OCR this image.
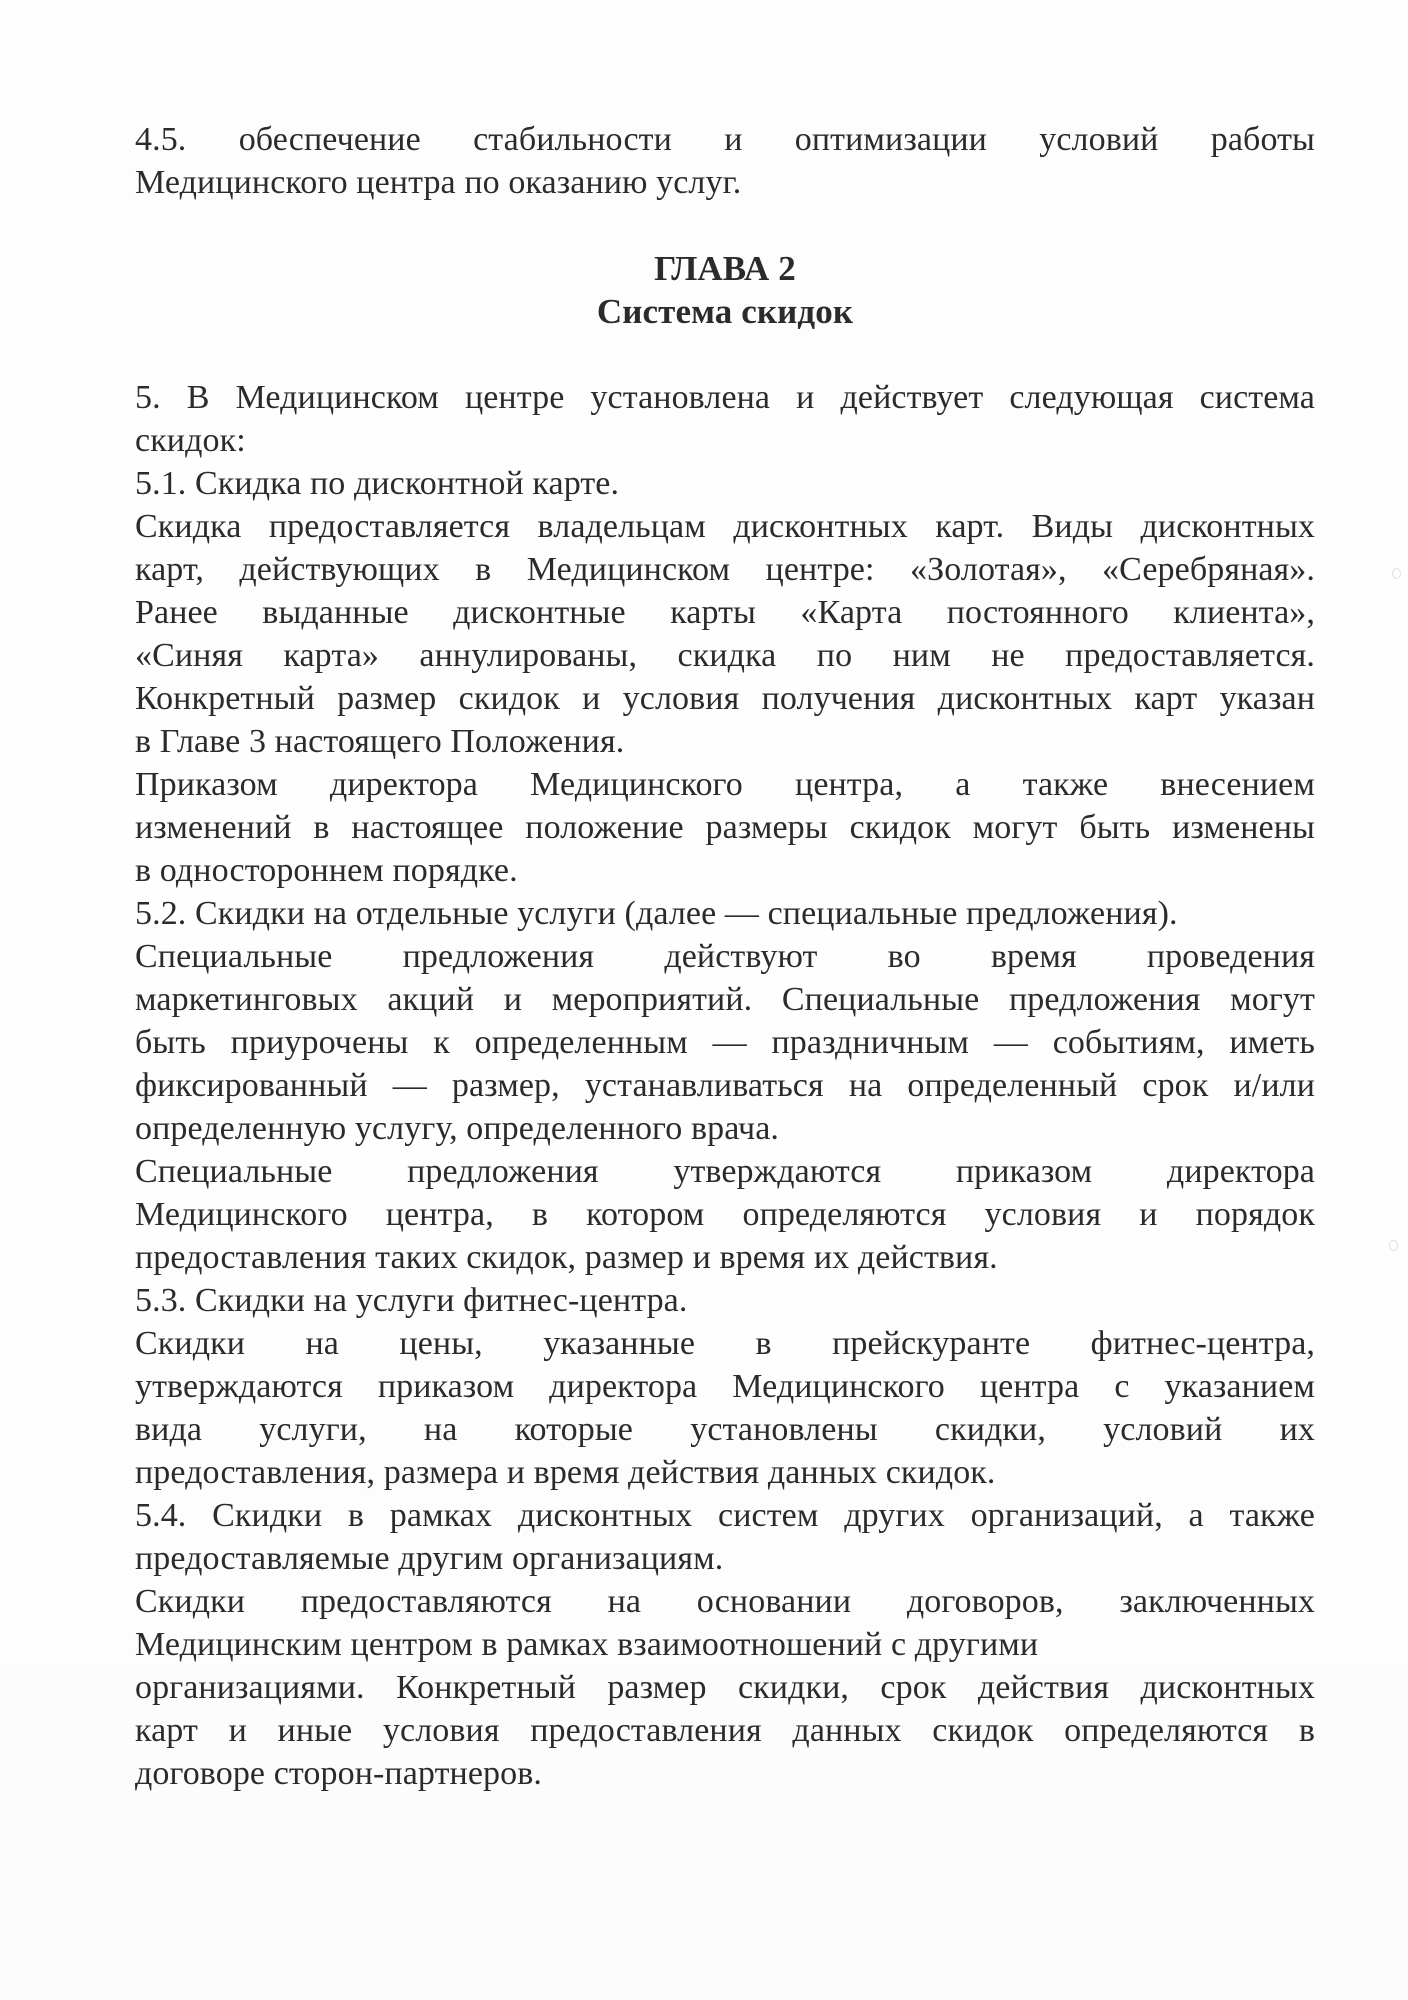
4.5. обеспечение стабильности и оптимизации условий работы
Медицинского центра по оказанию услуг.
ГЛАВА 2
Система скидок
5. В Медицинском центре установлена и действует следующая система
скидок:
5.1. Скидка по дисконтной карте.
Скидка предоставляется владельцам дисконтных карт. Виды дисконтных
карт, действующих в Медицинском центре: «Золотая», «Серебряная».
Ранее выданные дисконтные карты «Карта постоянного клиента»,
«Синяя карта» аннулированы, скидка по ним не предоставляется.
Конкретный размер скидок и условия получения дисконтных карт указан
в Главе 3 настоящего Положения.
Приказом директора Медицинского центра, а также внесением
изменений в настоящее положение размеры скидок могут быть изменены
в одностороннем порядке.
5.2. Скидки на отдельные услуги (далее — специальные предложения).
Специальные предложения действуют во время проведения
маркетинговых акций и мероприятий. Специальные предложения могут
быть приурочены к определенным — праздничным — событиям, иметь
фиксированный — размер, устанавливаться на определенный срок и/или
определенную услугу, определенного врача.
Специальные предложения утверждаются приказом директора
Медицинского центра, в котором определяются условия и порядок
предоставления таких скидок, размер и время их действия.
5.3. Скидки на услуги фитнес-центра.
Скидки на цены, указанные в прейскуранте фитнес-центра,
утверждаются приказом директора Медицинского центра с указанием
вида услуги, на которые установлены скидки, условий их
предоставления, размера и время действия данных скидок.
5.4. Скидки в рамках дисконтных систем других организаций, а также
предоставляемые другим организациям.
Скидки предоставляются на основании договоров, заключенных
Медицинским центром в рамках взаимоотношений с другими
организациями. Конкретный размер скидки, срок действия дисконтных
карт и иные условия предоставления данных скидок определяются в
договоре сторон-партнеров.
